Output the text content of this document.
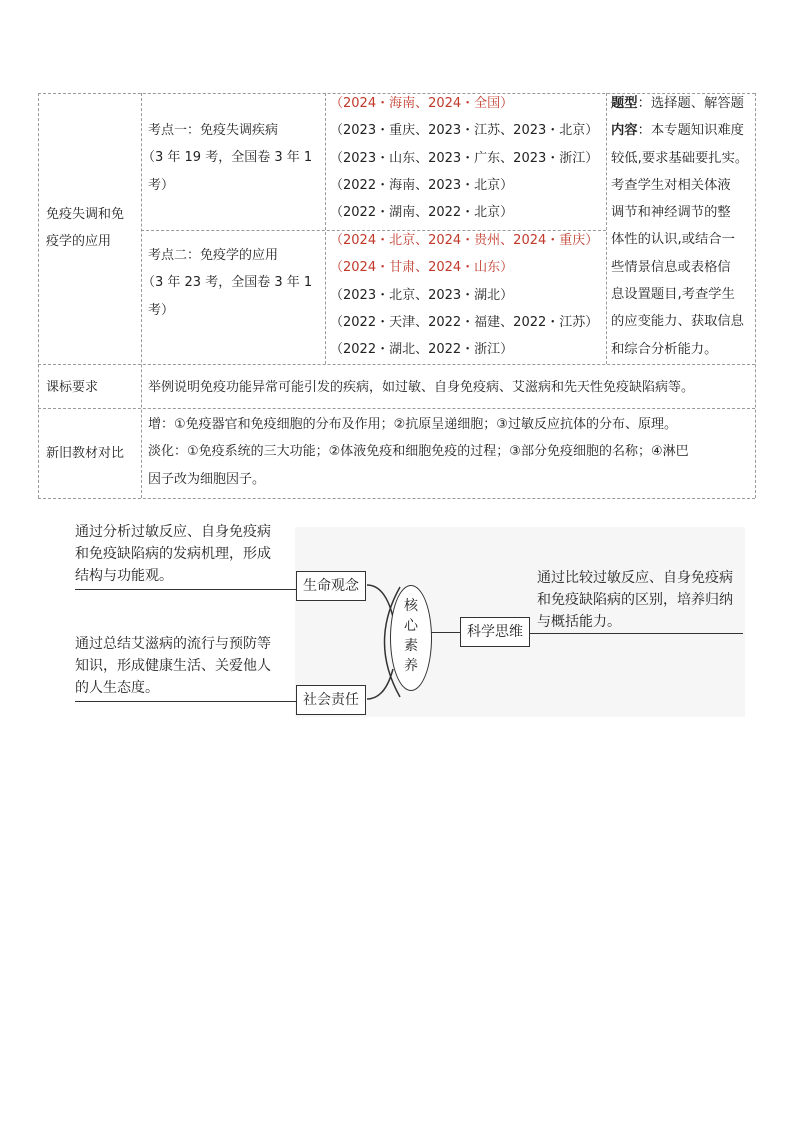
免疫失调和免
疫学的应用
考点一：免疫失调疾病
（3 年 19 考，全国卷 3 年 1
考）
（2024・海南、2024・全国）
（2023・重庆、2023・江苏、2023・北京）
（2023・山东、2023・广东、2023・浙江）
（2022・海南、2023・北京）
（2022・湖南、2022・北京）
考点二：免疫学的应用
（3 年 23 考，全国卷 3 年 1
考）
（2024・北京、2024・贵州、2024・重庆）
（2024・甘肃、2024・山东）
（2023・北京、2023・湖北）
（2022・天津、2022・福建、2022・江苏）
（2022・湖北、2022・浙江）
题型：选择题、解答题
内容：本专题知识难度
较低,要求基础要扎实。
考查学生对相关体液
调节和神经调节的整
体性的认识,或结合一
些情景信息或表格信
息设置题目,考查学生
的应变能力、获取信息
和综合分析能力。
课标要求	举例说明免疫功能异常可能引发的疾病，如过敏、自身免疫病、艾滋病和先天性免疫缺陷病等。
新旧教材对比
增：①免疫器官和免疫细胞的分布及作用；②抗原呈递细胞；③过敏反应抗体的分布、原理。
淡化：①免疫系统的三大功能；②体液免疫和细胞免疫的过程；③部分免疫细胞的名称；④淋巴
因子改为细胞因子。
通过分析过敏反应、自身免疫病
和免疫缺陷病的发病机理，形成
结构与功能观。
生命观念
通过总结艾滋病的流行与预防等
知识，形成健康生活、关爱他人
的人生态度。
社会责任
核
心
素
养
科学思维
通过比较过敏反应、自身免疫病
和免疫缺陷病的区别，培养归纳
与概括能力。
